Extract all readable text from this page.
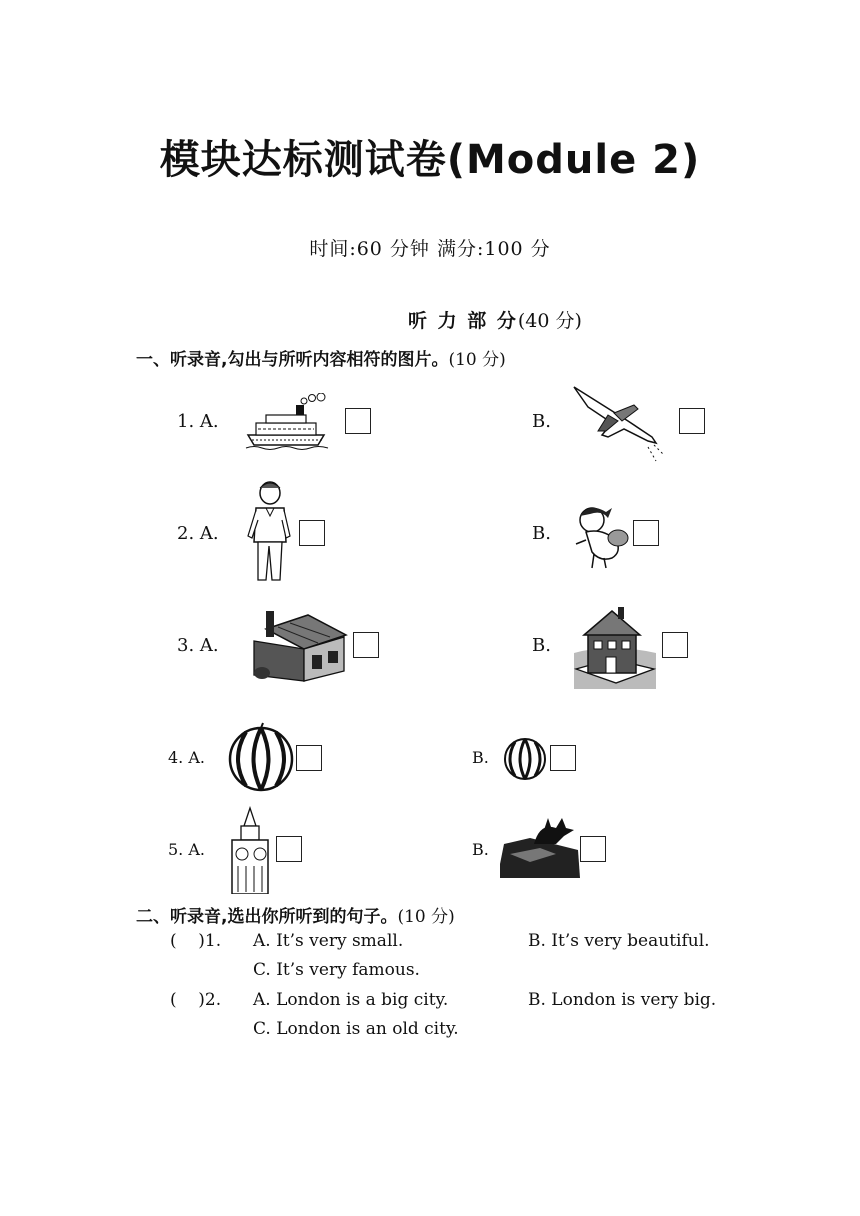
模块达标测试卷(Module 2)
时间:60 分钟 满分:100 分
听 力 部 分(40 分)
一、听录音,勾出与所听内容相符的图片。(10 分)
1. A.	B.
2. A.	B.
3. A.	B.
4. A.	B.
5. A.	B.
二、听录音,选出你所听到的句子。(10 分)
(    )1. A. It’s very small.	B. It’s very beautiful.
C. It’s very famous.
(    )2. A. London is a big city.	B. London is very big.
C. London is an old city.
